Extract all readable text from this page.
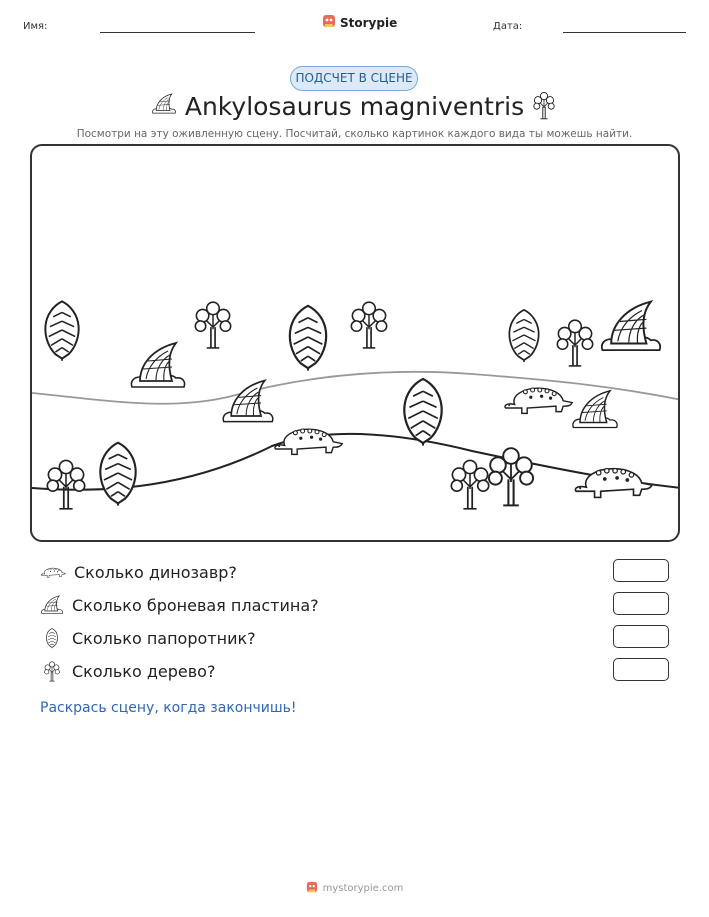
Имя:	Storypie	Дата:
ПОДСЧЕТ В СЦЕНЕ
Ankylosaurus magniventris
Посмотри на эту оживленную сцену. Посчитай, сколько картинок каждого вида ты можешь найти.
Сколько динозавр?
Сколько броневая пластина?
Сколько папоротник?
Сколько дерево?
Раскрась сцену, когда закончишь!
mystorypie.com
